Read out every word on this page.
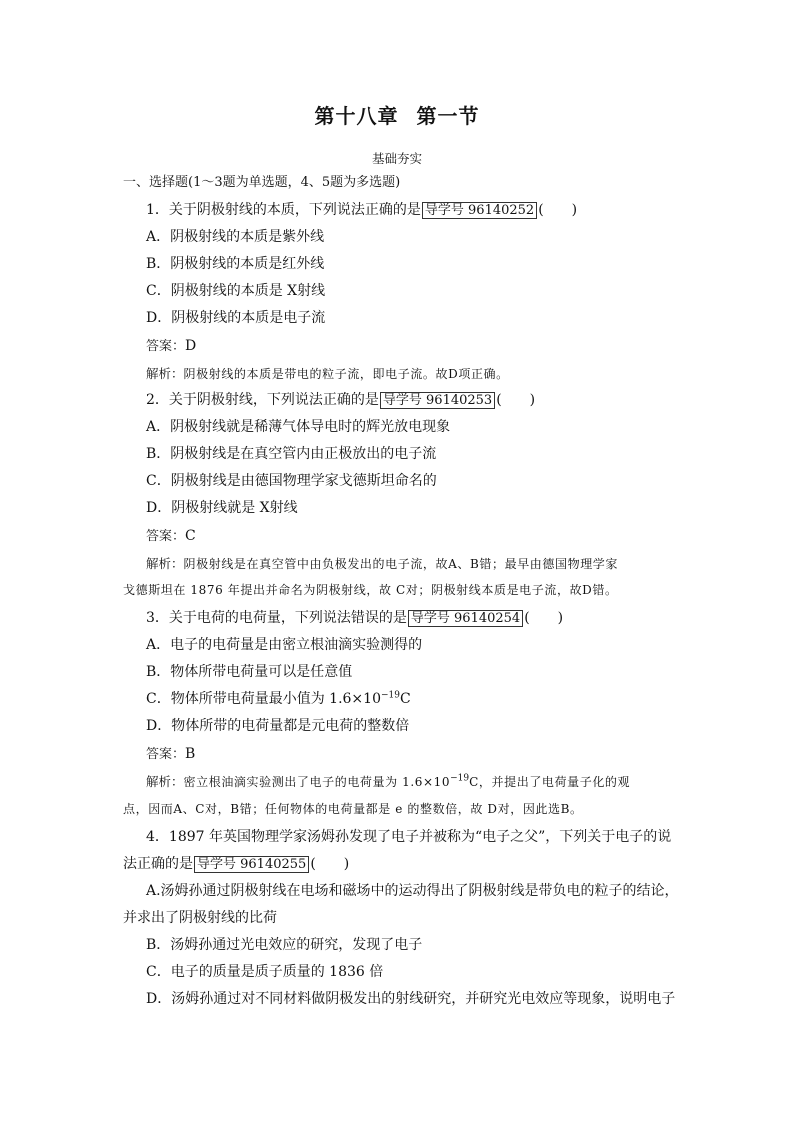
第十八章 第一节
基础夯实
一、选择题(1～3题为单选题，4、5题为多选题)
1．关于阴极射线的本质，下列说法正确的是 导学号 96140252 (　　)
A．阴极射线的本质是紫外线
B．阴极射线的本质是红外线
C．阴极射线的本质是 X射线
D．阴极射线的本质是电子流
答案：D
解析：阴极射线的本质是带电的粒子流，即电子流。故D项正确。
2．关于阴极射线，下列说法正确的是 导学号 96140253 (　　)
A．阴极射线就是稀薄气体导电时的辉光放电现象
B．阴极射线是在真空管内由正极放出的电子流
C．阴极射线是由德国物理学家戈德斯坦命名的
D．阴极射线就是 X射线
答案：C
解析：阴极射线是在真空管中由负极发出的电子流，故A、B错；最早由德国物理学家
戈德斯坦在 1876 年提出并命名为阴极射线，故 C对；阴极射线本质是电子流，故D错。
3．关于电荷的电荷量，下列说法错误的是 导学号 96140254 (　　)
A．电子的电荷量是由密立根油滴实验测得的
B．物体所带电荷量可以是任意值
C．物体所带电荷量最小值为 $1.6\times 10^{-19}C$
D．物体所带的电荷量都是元电荷的整数倍
答案：B
解析：密立根油滴实验测出了电子的电荷量为 $1.6\times 10^{-19}C$，并提出了电荷量子化的观
点，因而A、C对，B错；任何物体的电荷量都是 e 的整数倍，故 D对，因此选B。
4．1897 年英国物理学家汤姆孙发现了电子并被称为“电子之父”，下列关于电子的说
法正确的是 导学号 96140255 (　　)
A.汤姆孙通过阴极射线在电场和磁场中的运动得出了阴极射线是带负电的粒子的结论，
并求出了阴极射线的比荷
B．汤姆孙通过光电效应的研究，发现了电子
C．电子的质量是质子质量的 1836 倍
D．汤姆孙通过对不同材料做阴极发出的射线研究，并研究光电效应等现象，说明电子
